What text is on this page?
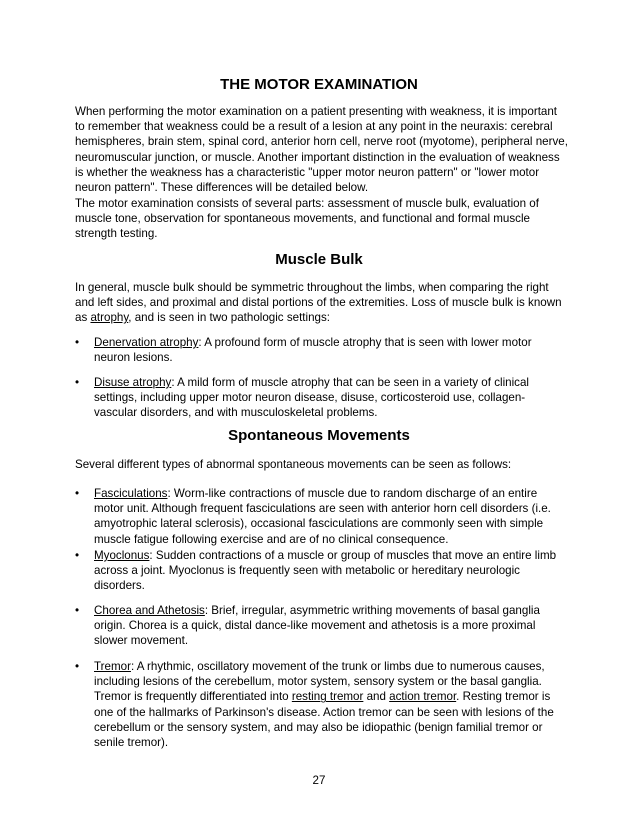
THE MOTOR EXAMINATION
When performing the motor examination on a patient presenting with weakness, it is important
to remember that weakness could be a result of a lesion at any point in the neuraxis: cerebral
hemispheres, brain stem, spinal cord, anterior horn cell, nerve root (myotome), peripheral nerve,
neuromuscular junction, or muscle. Another important distinction in the evaluation of weakness
is whether the weakness has a characteristic "upper motor neuron pattern" or "lower motor
neuron pattern". These differences will be detailed below.
The motor examination consists of several parts: assessment of muscle bulk, evaluation of
muscle tone, observation for spontaneous movements, and functional and formal muscle
strength testing.
Muscle Bulk
In general, muscle bulk should be symmetric throughout the limbs, when comparing the right
and left sides, and proximal and distal portions of the extremities. Loss of muscle bulk is known
as atrophy, and is seen in two pathologic settings:
•	Denervation atrophy: A profound form of muscle atrophy that is seen with lower motor
neuron lesions.
•	Disuse atrophy: A mild form of muscle atrophy that can be seen in a variety of clinical
settings, including upper motor neuron disease, disuse, corticosteroid use, collagen-
vascular disorders, and with musculoskeletal problems.
Spontaneous Movements
Several different types of abnormal spontaneous movements can be seen as follows:
•	Fasciculations: Worm-like contractions of muscle due to random discharge of an entire
motor unit. Although frequent fasciculations are seen with anterior horn cell disorders (i.e.
amyotrophic lateral sclerosis), occasional fasciculations are commonly seen with simple
muscle fatigue following exercise and are of no clinical consequence.
•	Myoclonus: Sudden contractions of a muscle or group of muscles that move an entire limb
across a joint. Myoclonus is frequently seen with metabolic or hereditary neurologic
disorders.
•	Chorea and Athetosis: Brief, irregular, asymmetric writhing movements of basal ganglia
origin. Chorea is a quick, distal dance-like movement and athetosis is a more proximal
slower movement.
•	Tremor: A rhythmic, oscillatory movement of the trunk or limbs due to numerous causes,
including lesions of the cerebellum, motor system, sensory system or the basal ganglia.
Tremor is frequently differentiated into resting tremor and action tremor. Resting tremor is
one of the hallmarks of Parkinson's disease. Action tremor can be seen with lesions of the
cerebellum or the sensory system, and may also be idiopathic (benign familial tremor or
senile tremor).
27
